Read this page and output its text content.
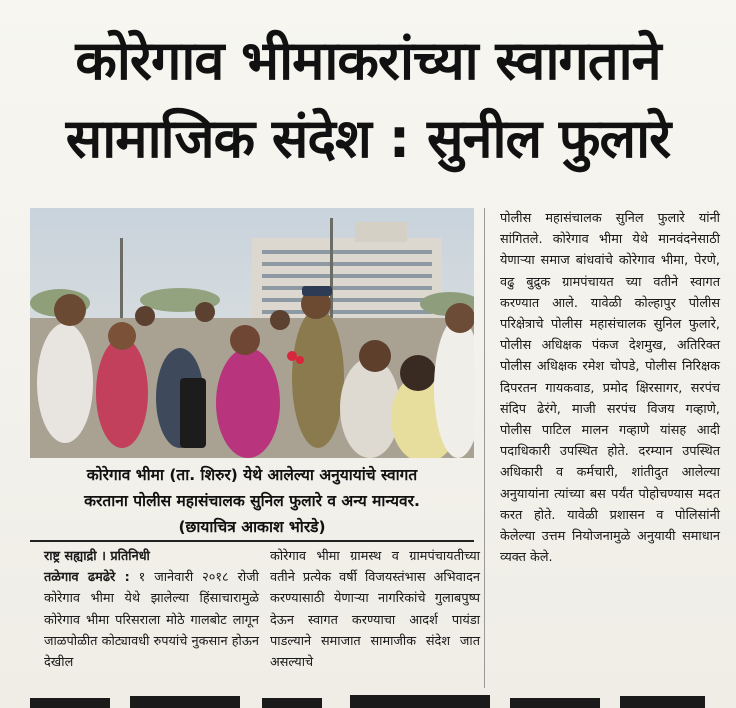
कोरेगाव भीमाकरांच्या स्वागताने
सामाजिक संदेश : सुनील फुलारे

कोरेगाव भीमा (ता. शिरुर) येथे आलेल्या अनुयायांचे स्वागत

करताना पोलीस महासंचालक सुनिल फुलारे व अन्य मान्यवर.

(छायाचित्र आकाश भोरडे)

राष्ट्र सह्याद्री । प्रतिनिधी

तळेगाव ढमढेरे : १ जानेवारी २०१८ रोजी कोरेगाव भीमा येथे झालेल्या हिंसाचारामुळे कोरेगाव भीमा परिसराला मोठे गालबोट लागून जाळपोळीत कोट्यावधी रुपयांचे नुकसान होऊन देखील

कोरेगाव भीमा ग्रामस्थ व ग्रामपंचायतीच्या वतीने प्रत्येक वर्षी विजयस्तंभास अभिवादन करण्यासाठी येणाऱ्या नागरिकांचे गुलाबपुष्प देऊन स्वागत करण्याचा आदर्श पायंडा पाडल्याने समाजात सामाजीक संदेश जात असल्याचे

पोलीस महासंचालक सुनिल फुलारे यांनी सांगितले. कोरेगाव भीमा येथे मानवंदनेसाठी येणाऱ्या समाज बांधवांचे कोरेगाव भीमा, पेरणे, वढु बुद्रुक ग्रामपंचायत च्या वतीने स्वागत करण्यात आले. यावेळी कोल्हापुर पोलीस परिक्षेत्राचे पोलीस महासंचालक सुनिल फुलारे, पोलीस अधिक्षक पंकज देशमुख, अतिरिक्त पोलीस अधिक्षक रमेश चोपडे, पोलीस निरिक्षक दिपरतन गायकवाड, प्रमोद क्षिरसागर, सरपंच संदिप ढेरंगे, माजी सरपंच विजय गव्हाणे, पोलीस पाटिल मालन गव्हाणे यांसह आदी पदाधिकारी उपस्थित होते. दरम्यान उपस्थित अधिकारी व कर्मचारी, शांतीदुत आलेल्या अनुयायांना त्यांच्या बस पर्यंत पोहोचण्यास मदत करत होते. यावेळी प्रशासन व पोलिसांनी केलेल्या उत्तम नियोजनामुळे अनुयायी समाधान व्यक्त केले.
